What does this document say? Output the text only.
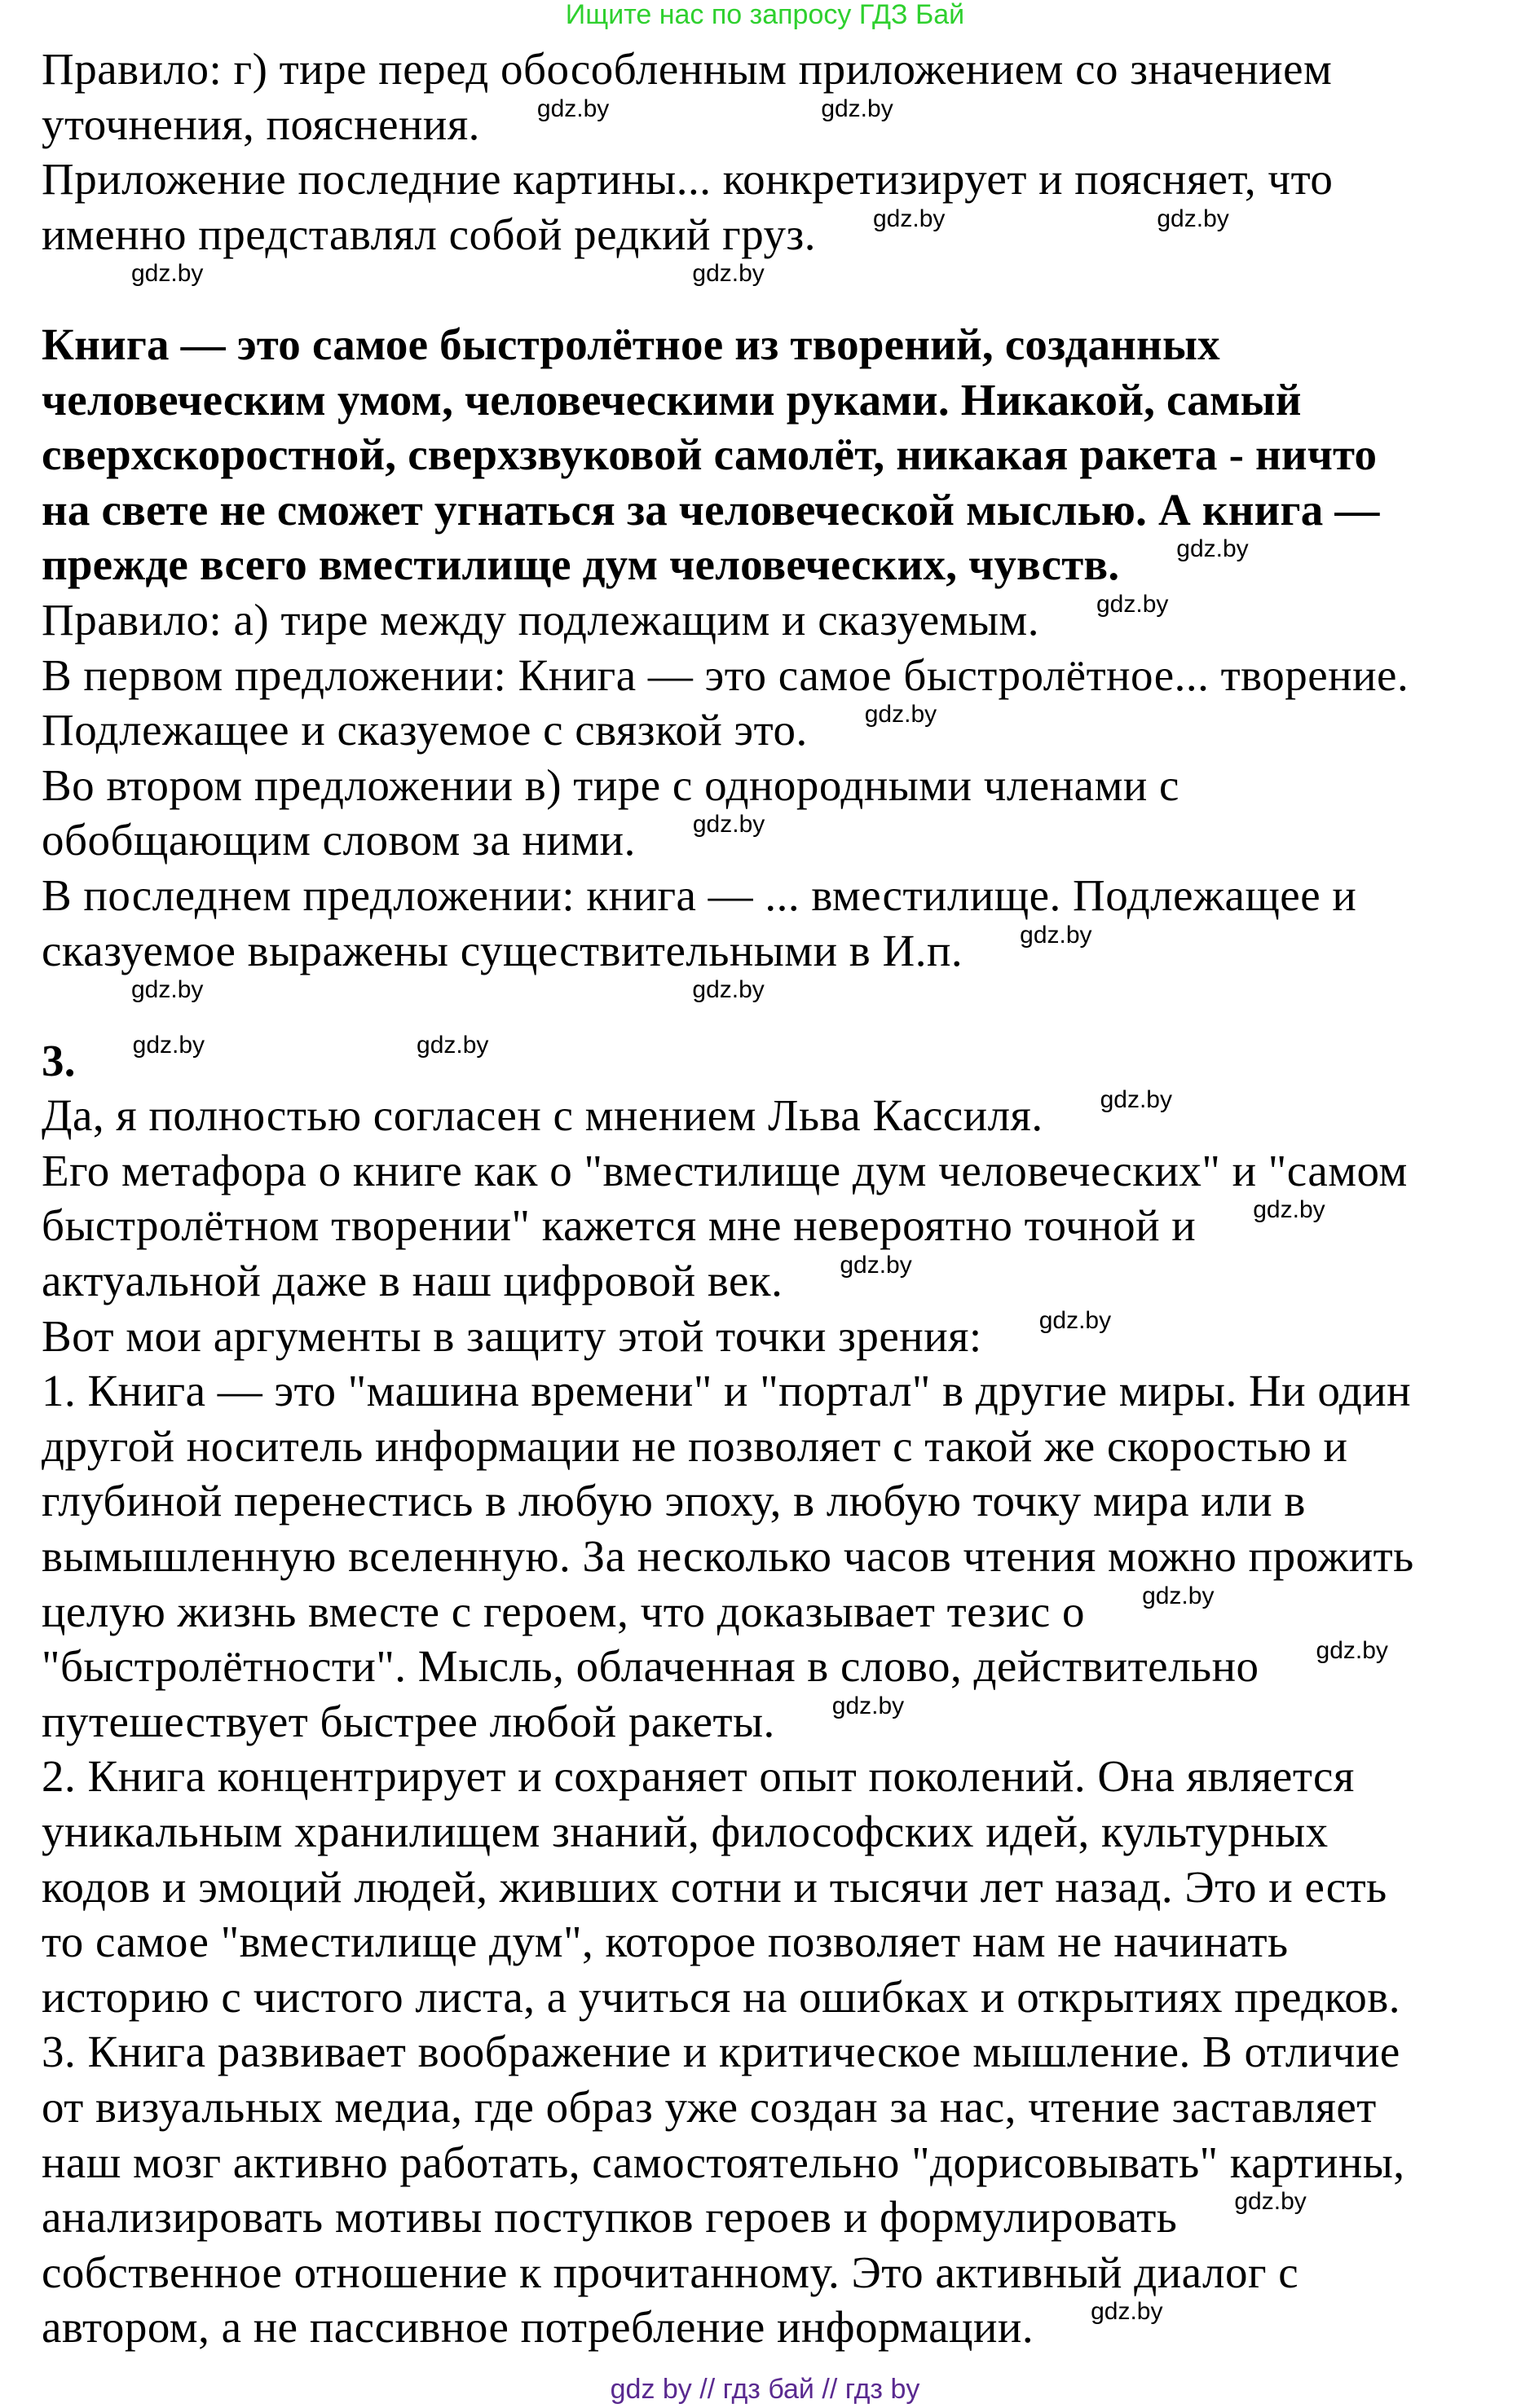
Ищите нас по запросу ГДЗ Бай
Правило: г) тире перед обособленным приложением со значением
уточнения, пояснения. gdz.by	gdz.by
Приложение последние картины... конкретизирует и поясняет, что
именно представлял собой редкий груз. gdz.by	gdz.by
gdz.by	gdz.by
Книга — это самое быстролётное из творений, созданных
человеческим умом, человеческими руками. Никакой, самый
сверхскоростной, сверхзвуковой самолёт, никакая ракета - ничто
на свете не сможет угнаться за человеческой мыслью. А книга —
прежде всего вместилище дум человеческих, чувств. gdz.by
Правило: а) тире между подлежащим и сказуемым. gdz.by
В первом предложении: Книга — это самое быстролётное... творение.
Подлежащее и сказуемое с связкой это. gdz.by
Во втором предложении в) тире с однородными членами с
обобщающим словом за ними. gdz.by
В последнем предложении: книга — ... вместилище. Подлежащее и
сказуемое выражены существительными в И.п. gdz.by
gdz.by	gdz.by
3. gdz.by	gdz.by
Да, я полностью согласен с мнением Льва Кассиля. gdz.by
Его метафора о книге как о "вместилище дум человеческих" и "самом
быстролётном творении" кажется мне невероятно точной и gdz.by
актуальной даже в наш цифровой век. gdz.by
Вот мои аргументы в защиту этой точки зрения: gdz.by
1. Книга — это "машина времени" и "портал" в другие миры. Ни один
другой носитель информации не позволяет с такой же скоростью и
глубиной перенестись в любую эпоху, в любую точку мира или в
вымышленную вселенную. За несколько часов чтения можно прожить
целую жизнь вместе с героем, что доказывает тезис о gdz.by
"быстролётности". Мысль, облаченная в слово, действительно gdz.by
путешествует быстрее любой ракеты. gdz.by
2. Книга концентрирует и сохраняет опыт поколений. Она является
уникальным хранилищем знаний, философских идей, культурных
кодов и эмоций людей, живших сотни и тысячи лет назад. Это и есть
то самое "вместилище дум", которое позволяет нам не начинать
историю с чистого листа, а учиться на ошибках и открытиях предков.
3. Книга развивает воображение и критическое мышление. В отличие
от визуальных медиа, где образ уже создан за нас, чтение заставляет
наш мозг активно работать, самостоятельно "дорисовывать" картины,
анализировать мотивы поступков героев и формулировать gdz.by
собственное отношение к прочитанному. Это активный диалог с
автором, а не пассивное потребление информации. gdz.by
gdz by // гдз бай // гдз by
